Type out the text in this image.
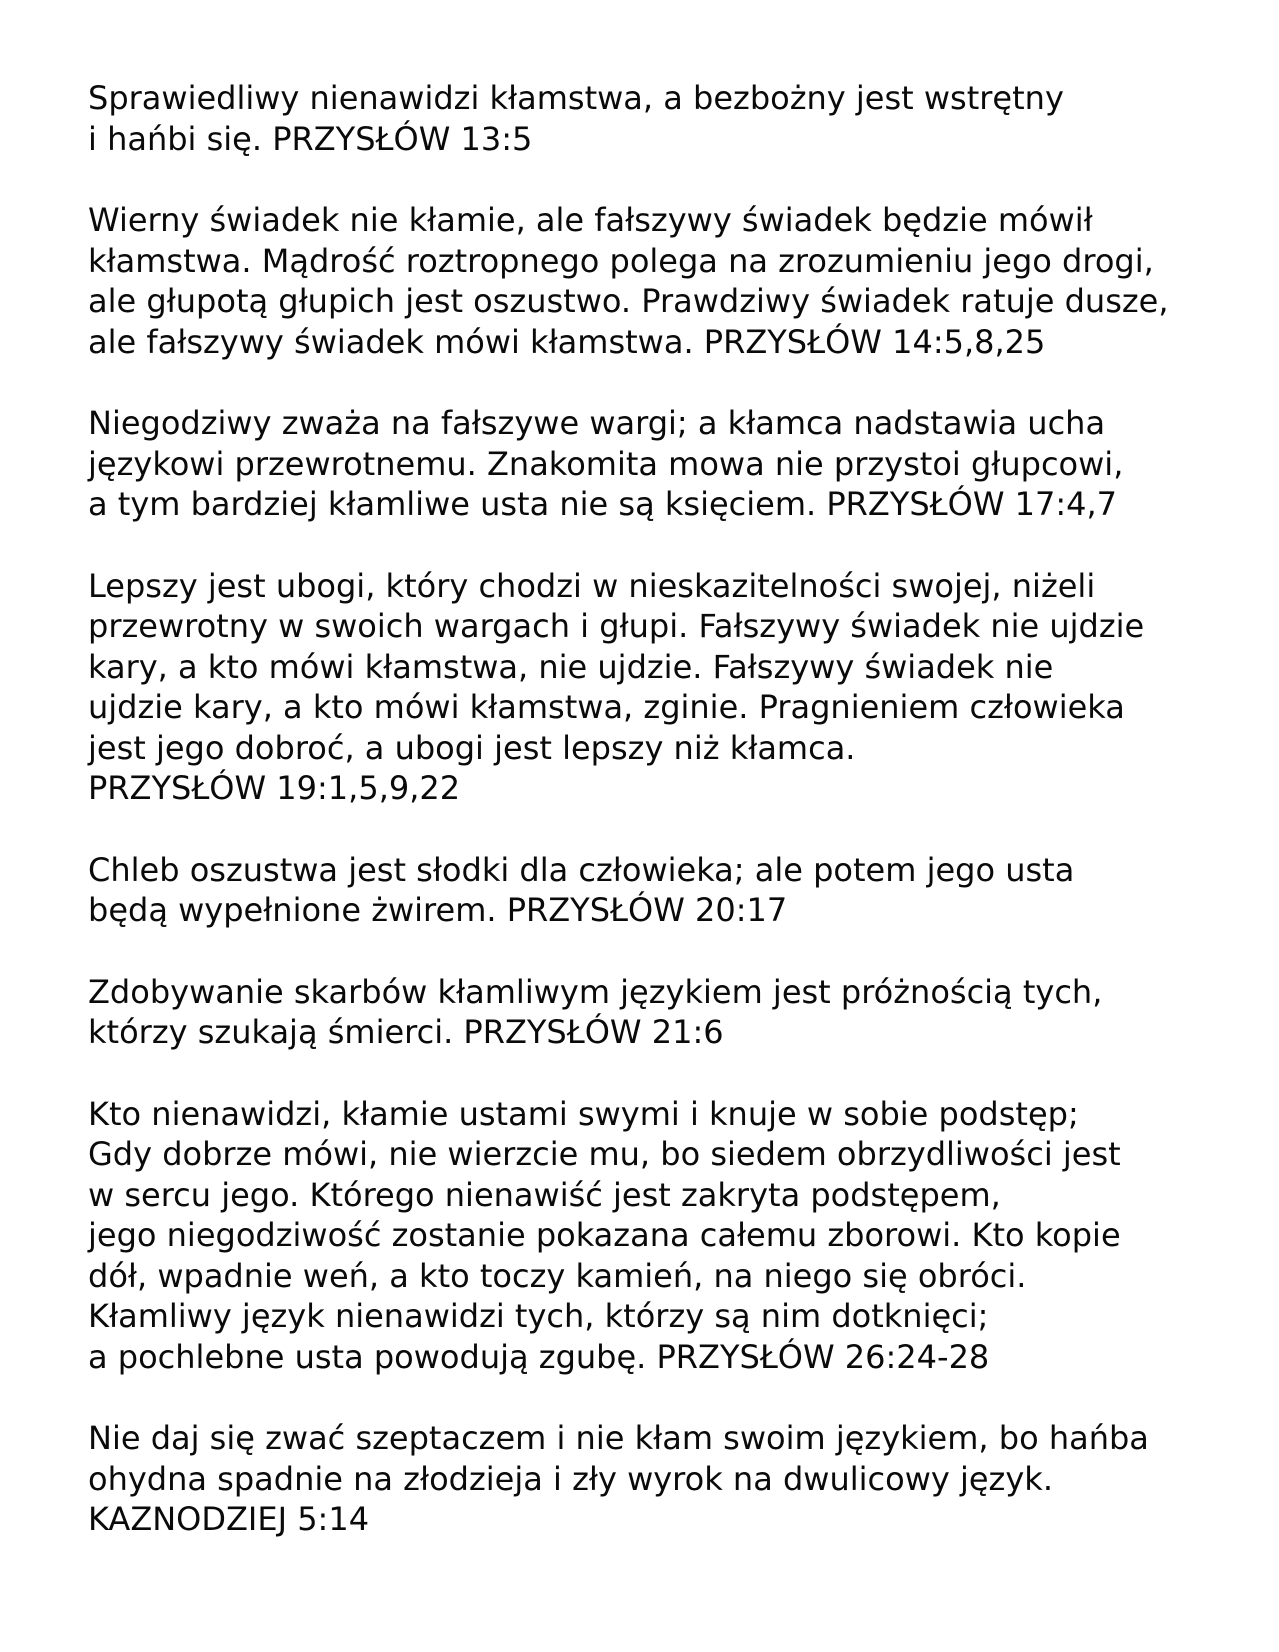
Sprawiedliwy nienawidzi kłamstwa, a bezbożny jest wstrętny
i hańbi się. PRZYSŁÓW 13:5

Wierny świadek nie kłamie, ale fałszywy świadek będzie mówił
kłamstwa. Mądrość roztropnego polega na zrozumieniu jego drogi,
ale głupotą głupich jest oszustwo. Prawdziwy świadek ratuje dusze,
ale fałszywy świadek mówi kłamstwa. PRZYSŁÓW 14:5,8,25

Niegodziwy zważa na fałszywe wargi; a kłamca nadstawia ucha
językowi przewrotnemu. Znakomita mowa nie przystoi głupcowi,
a tym bardziej kłamliwe usta nie są księciem. PRZYSŁÓW 17:4,7

Lepszy jest ubogi, który chodzi w nieskazitelności swojej, niżeli
przewrotny w swoich wargach i głupi. Fałszywy świadek nie ujdzie
kary, a kto mówi kłamstwa, nie ujdzie. Fałszywy świadek nie
ujdzie kary, a kto mówi kłamstwa, zginie. Pragnieniem człowieka
jest jego dobroć, a ubogi jest lepszy niż kłamca.
PRZYSŁÓW 19:1,5,9,22

Chleb oszustwa jest słodki dla człowieka; ale potem jego usta
będą wypełnione żwirem. PRZYSŁÓW 20:17

Zdobywanie skarbów kłamliwym językiem jest próżnością tych,
którzy szukają śmierci. PRZYSŁÓW 21:6

Kto nienawidzi, kłamie ustami swymi i knuje w sobie podstęp;
Gdy dobrze mówi, nie wierzcie mu, bo siedem obrzydliwości jest
w sercu jego. Którego nienawiść jest zakryta podstępem,
jego niegodziwość zostanie pokazana całemu zborowi. Kto kopie
dół, wpadnie weń, a kto toczy kamień, na niego się obróci.
Kłamliwy język nienawidzi tych, którzy są nim dotknięci;
a pochlebne usta powodują zgubę. PRZYSŁÓW 26:24-28

Nie daj się zwać szeptaczem i nie kłam swoim językiem, bo hańba
ohydna spadnie na złodzieja i zły wyrok na dwulicowy język.
KAZNODZIEJ 5:14
